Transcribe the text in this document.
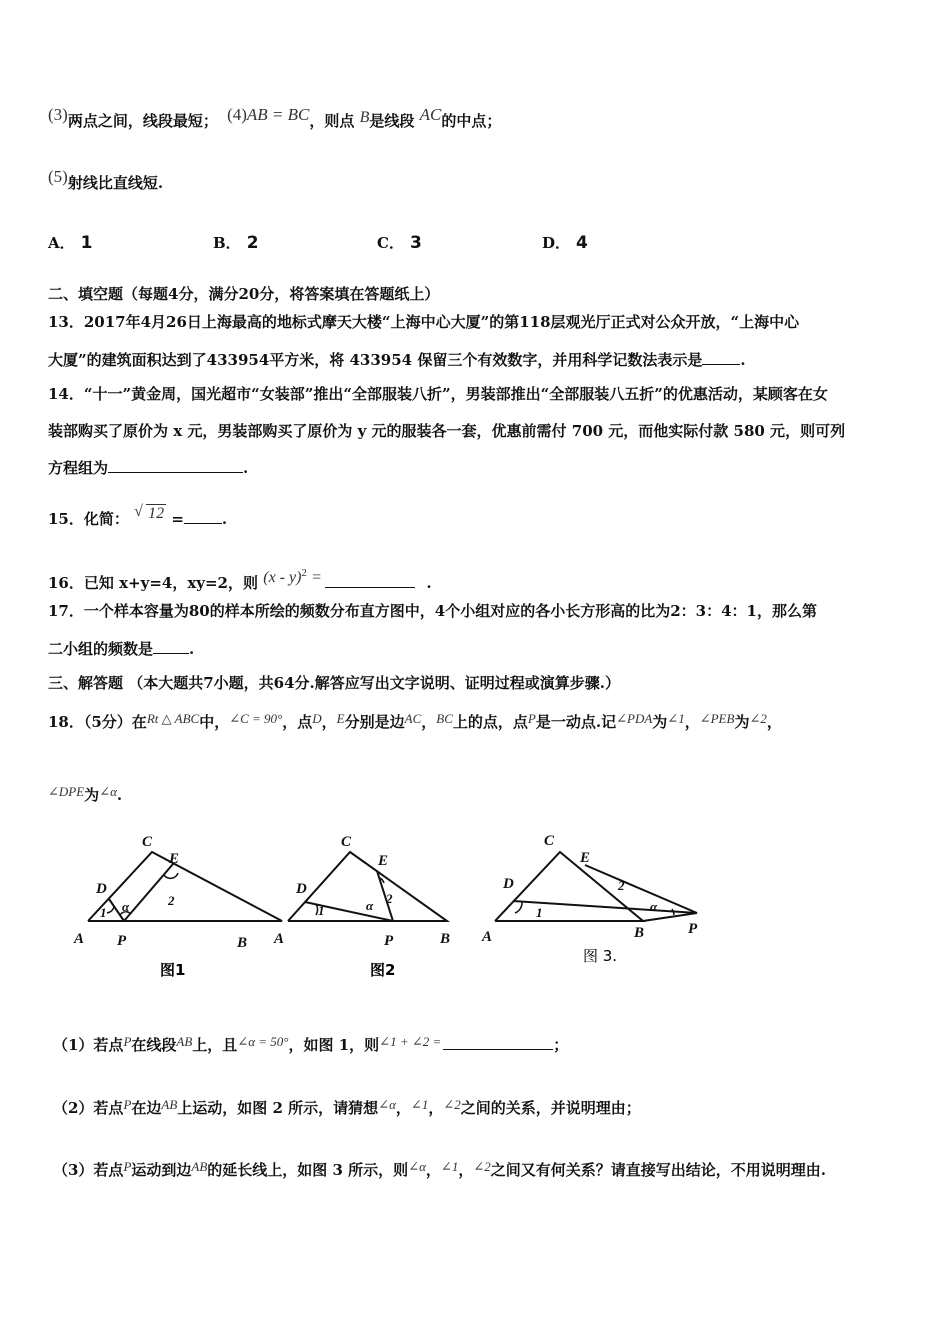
(3)两点之间，线段最短； (4)AB = BC，则点 B是线段 AC的中点；
(5)射线比直线短.
A． 1	B． 2	C． 3	D． 4
二、填空题（每题4分，满分20分，将答案填在答题纸上）
13．2017年4月26日上海最高的地标式摩天大楼“上海中心大厦”的第118层观光厅正式对公众开放，“上海中心
大厦”的建筑面积达到了433954平方米，将 433954 保留三个有效数字，并用科学记数法表示是	.
14．“十一”黄金周，国光超市“女装部”推出“全部服装八折”，男装部推出“全部服装八五折”的优惠活动，某顾客在女
装部购买了原价为 x 元，男装部购买了原价为 y 元的服装各一套，优惠前需付 700 元，而他实际付款 580 元，则可列
方程组为	.
15．化简： √ 12 =	.
16．已知 x+y=4，xy=2，则 (x - y)$^2$ =	.
17．一个样本容量为80的样本所绘的频数分布直方图中，4个小组对应的各小长方形高的比为2：3：4：1，那么第
二小组的频数是 .
三、解答题 （本大题共7小题，共64分.解答应写出文字说明、证明过程或演算步骤.）
18．（5分）在Rt △ ABC中，∠C = 90°，点D，E分别是边AC，BC上的点，点P是一动点.记∠PDA为∠1，∠PEB为∠2，
∠DPE为∠α.
A
C
E
D
P	B
1 α	2
A
C
E
D
P	B
1	α 2
A
C
E
D
B	P
1
2
α
图1	图2
图 3.
（1）若点P在线段AB上，且∠α = 50°，如图 1，则∠1 + ∠2 =	；
（2）若点P在边AB上运动，如图 2 所示，请猜想∠α，∠1，∠2之间的关系，并说明理由；
（3）若点P运动到边AB的延长线上，如图 3 所示，则∠α，∠1，∠2之间又有何关系？请直接写出结论，不用说明理由.
